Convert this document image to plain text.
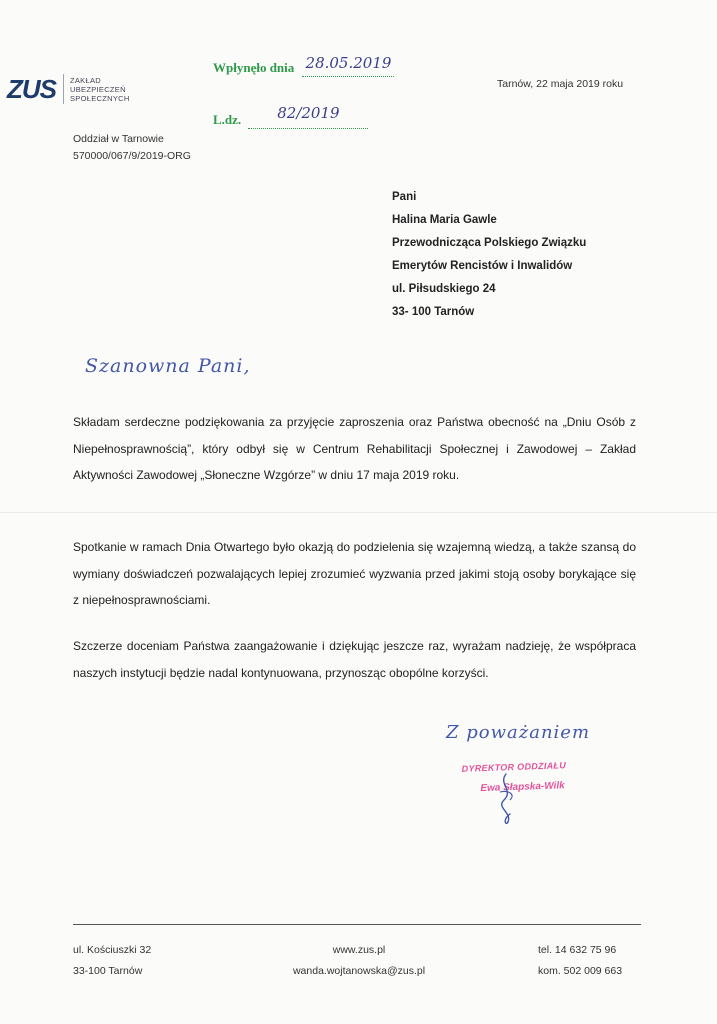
ZUS ZAKŁAD
UBEZPIECZEŃ
SPOŁECZNYCH
Oddział w Tarnowie
570000/067/9/2019-ORG
Wpłynęło dnia 28.05.2019
L.dz. 82/2019
Tarnów, 22 maja 2019 roku
Pani
Halina Maria Gawle
Przewodnicząca Polskiego Związku
Emerytów Rencistów i Inwalidów
ul. Piłsudskiego 24
33- 100 Tarnów
Szanowna Pani,
Składam serdeczne podziękowania za przyjęcie zaproszenia oraz Państwa obecność na „Dniu Osób z Niepełnosprawnością”, który odbył się w Centrum Rehabilitacji Społecznej i Zawodowej – Zakład Aktywności Zawodowej „Słoneczne Wzgórze” w dniu 17 maja 2019 roku.
Spotkanie w ramach Dnia Otwartego było okazją do podzielenia się wzajemną wiedzą, a także szansą do wymiany doświadczeń pozwalających lepiej zrozumieć wyzwania przed jakimi stoją osoby borykające się z niepełnosprawnościami.
Szczerze doceniam Państwa zaangażowanie i dziękując jeszcze raz, wyrażam nadzieję, że współpraca naszych instytucji będzie nadal kontynuowana, przynosząc obopólne korzyści.
Z poważaniem
DYREKTOR ODDZIAŁU
Ewa Słapska-Wilk
ul. Kościuszki 32
33-100 Tarnów
www.zus.pl
wanda.wojtanowska@zus.pl
tel. 14 632 75 96
kom. 502 009 663
